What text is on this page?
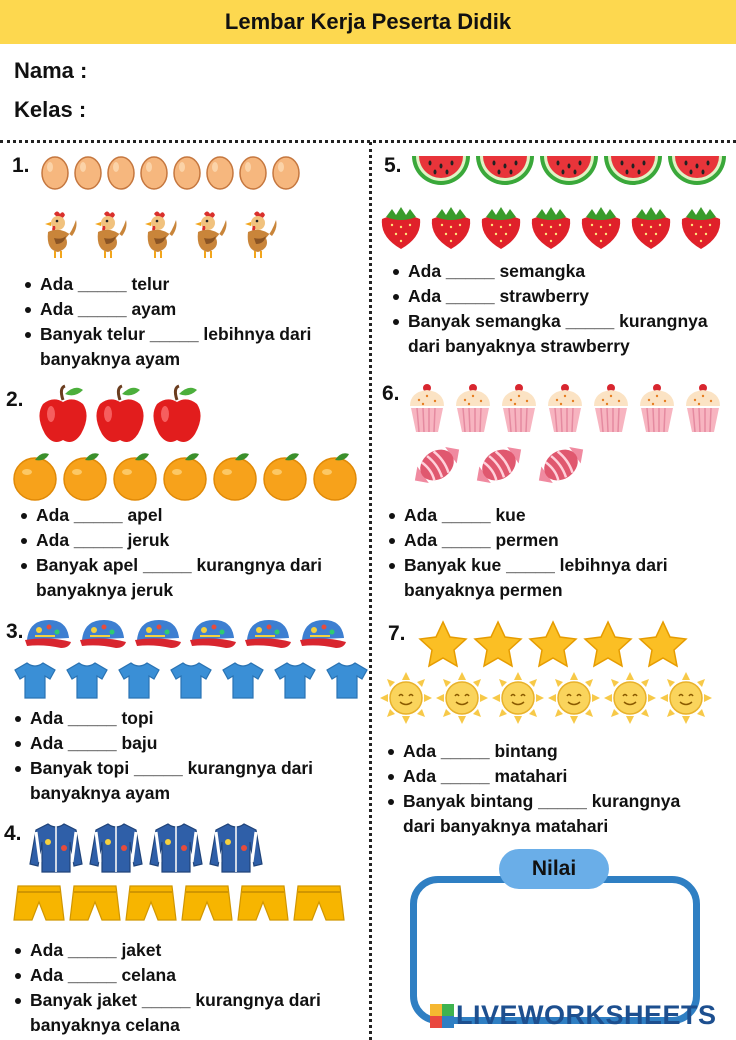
Lembar Kerja Peserta Didik
Nama :
Kelas :
1.
Ada _____ telur
Ada _____ ayam
Banyak telur _____ lebihnya dari
banyaknya ayam
2.
Ada _____ apel
Ada _____ jeruk
Banyak apel _____ kurangnya dari
banyaknya jeruk
3.
Ada _____ topi
Ada _____ baju
Banyak topi _____ kurangnya dari
banyaknya ayam
4.
Ada _____ jaket
Ada _____ celana
Banyak jaket _____ kurangnya dari
banyaknya celana
5.
Ada _____ semangka
Ada _____ strawberry
Banyak semangka _____ kurangnya
dari banyaknya strawberry
6.
Ada _____ kue
Ada _____ permen
Banyak kue _____ lebihnya dari
banyaknya permen
7.
Ada _____ bintang
Ada _____ matahari
Banyak bintang _____ kurangnya
dari banyaknya matahari
Nilai
LIVEWORKSHEETS
